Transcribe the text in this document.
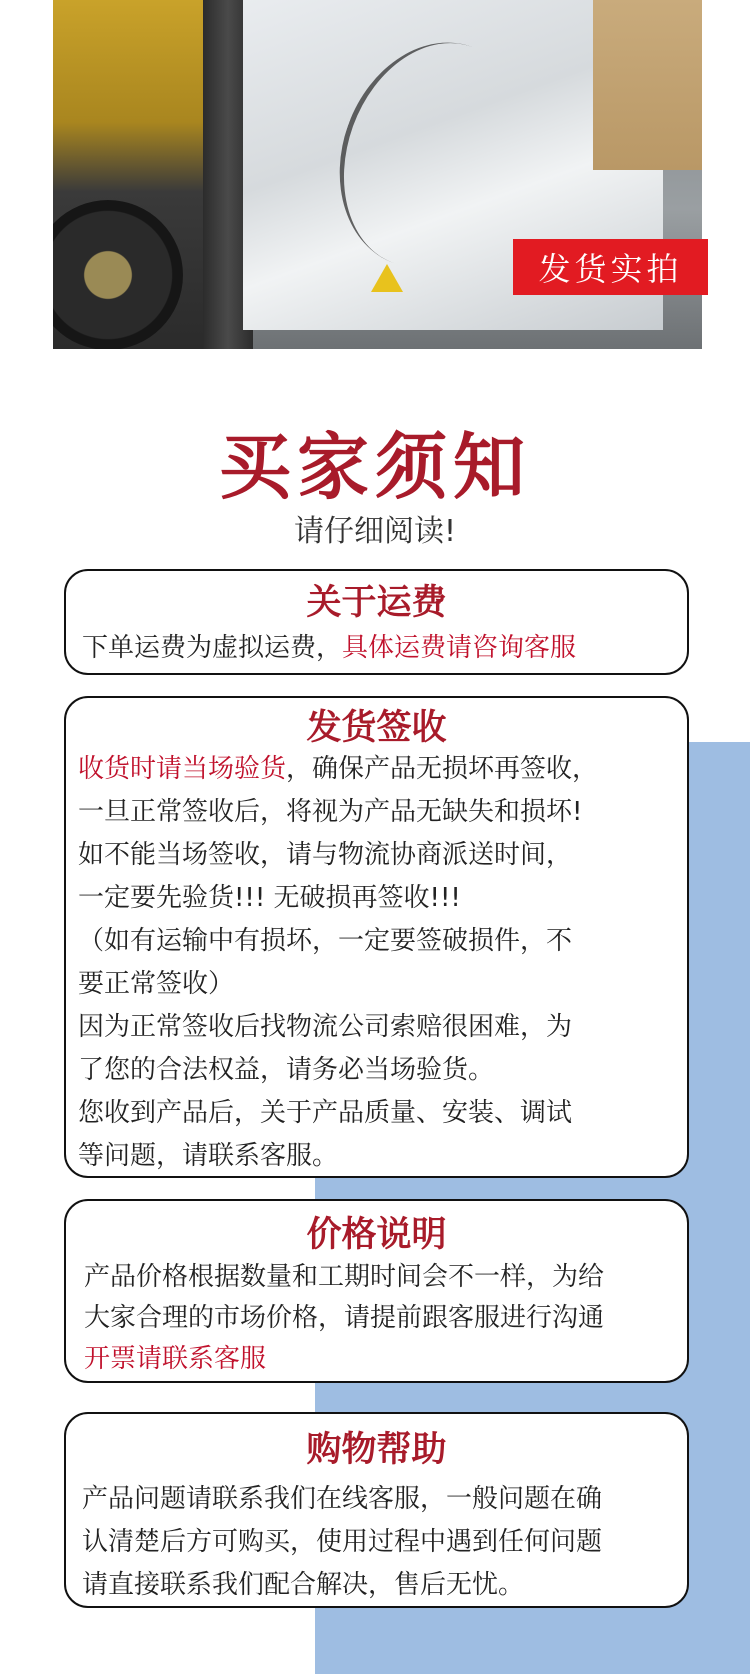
发货实拍
买家须知
请仔细阅读!
关于运费
下单运费为虚拟运费，具体运费请咨询客服
发货签收
收货时请当场验货，确保产品无损坏再签收，
一旦正常签收后，将视为产品无缺失和损坏!
如不能当场签收，请与物流协商派送时间，
一定要先验货!!! 无破损再签收!!!
（如有运输中有损坏，一定要签破损件，不
要正常签收）
因为正常签收后找物流公司索赔很困难，为
了您的合法权益，请务必当场验货。
您收到产品后，关于产品质量、安装、调试
等问题，请联系客服。
价格说明
产品价格根据数量和工期时间会不一样，为给
大家合理的市场价格，请提前跟客服进行沟通
开票请联系客服
购物帮助
产品问题请联系我们在线客服，一般问题在确
认清楚后方可购买，使用过程中遇到任何问题
请直接联系我们配合解决，售后无忧。
